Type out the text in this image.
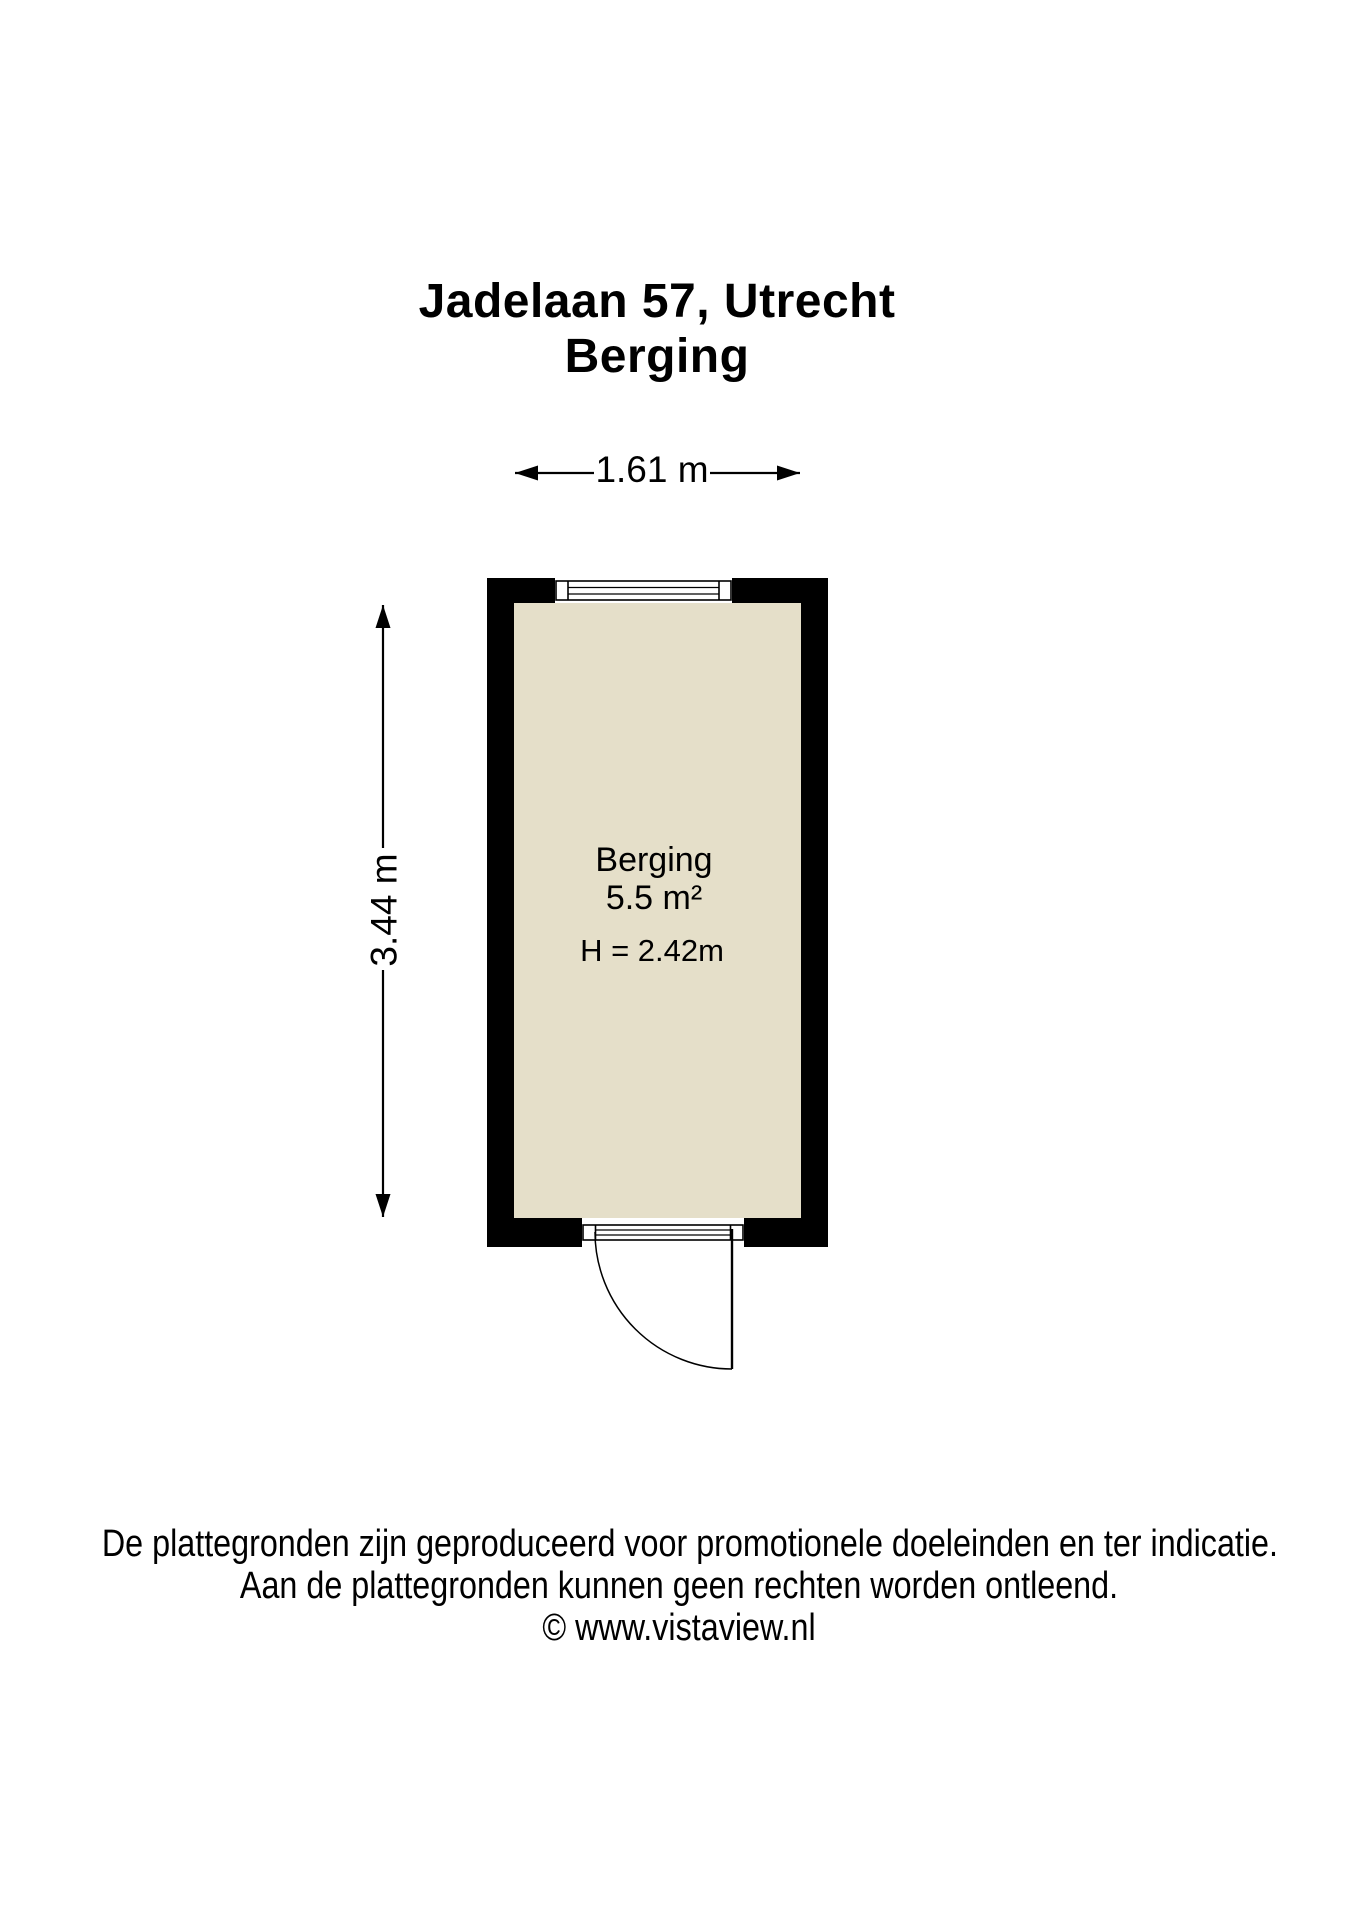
Jadelaan 57, Utrecht
Berging
1.61 m
3.44 m	Berging
5.5 m²
H = 2.42m
De plattegronden zijn geproduceerd voor promotionele doeleinden en ter indicatie.
Aan de plattegronden kunnen geen rechten worden ontleend.
© www.vistaview.nl
